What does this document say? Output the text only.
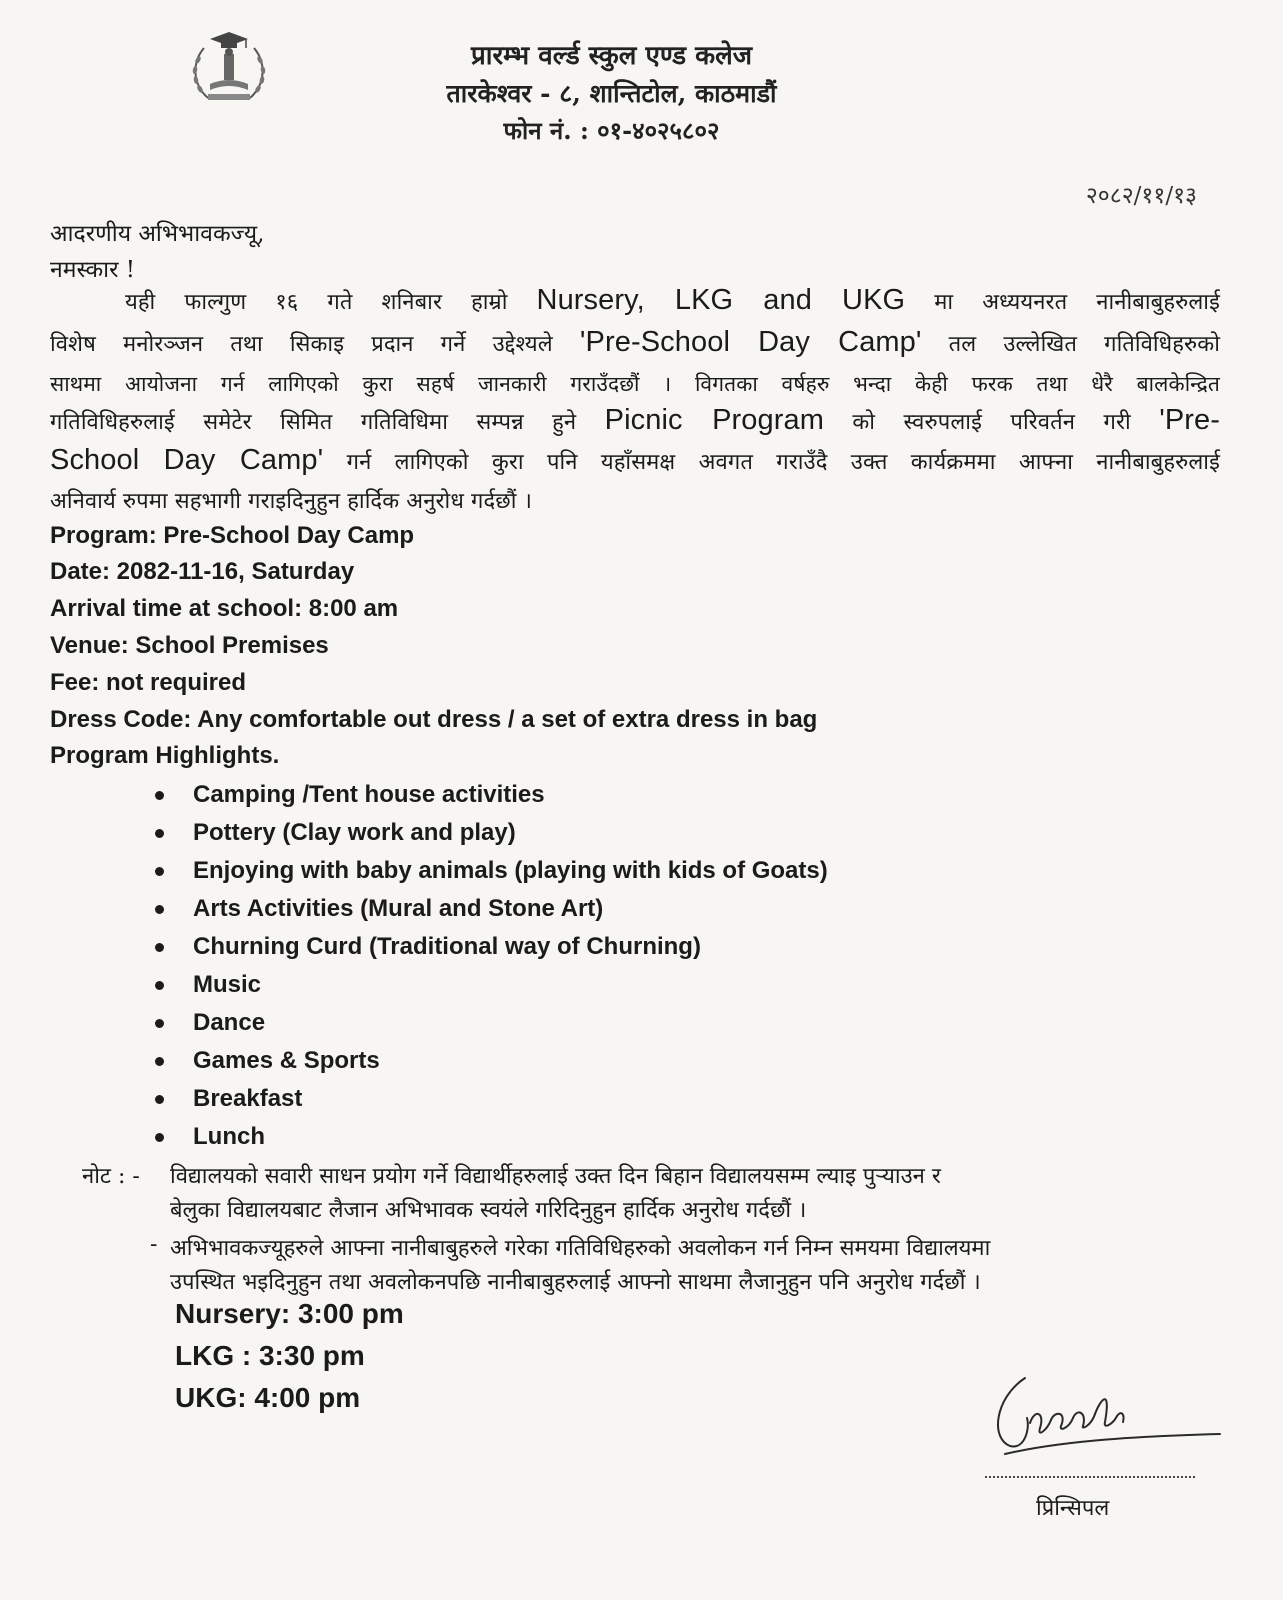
प्रारम्भ वर्ल्ड स्कुल एण्ड कलेज
तारकेश्वर - ८, शान्तिटोल, काठमाडौं
फोन नं. : ०१-४०२५८०२
२०८२/११/१३
आदरणीय अभिभावकज्यू,
नमस्कार !
यही फाल्गुण १६ गते शनिबार हाम्रो Nursery, LKG and UKG मा अध्ययनरत नानीबाबुहरुलाई
विशेष मनोरञ्जन तथा सिकाइ प्रदान गर्ने उद्देश्यले 'Pre-School Day Camp' तल उल्लेखित गतिविधिहरुको
साथमा आयोजना गर्न लागिएको कुरा सहर्ष जानकारी गराउँदछौं । विगतका वर्षहरु भन्दा केही फरक तथा धेरै बालकेन्द्रित
गतिविधिहरुलाई समेटेर सिमित गतिविधिमा सम्पन्न हुने Picnic Program को स्वरुपलाई परिवर्तन गरी 'Pre-
School Day Camp' गर्न लागिएको कुरा पनि यहाँसमक्ष अवगत गराउँदै उक्त कार्यक्रममा आफ्ना नानीबाबुहरुलाई
अनिवार्य रुपमा सहभागी गराइदिनुहुन हार्दिक अनुरोध गर्दछौं ।
Program: Pre-School Day Camp
Date: 2082-11-16, Saturday
Arrival time at school: 8:00 am
Venue: School Premises
Fee: not required
Dress Code: Any comfortable out dress / a set of extra dress in bag
Program Highlights.
Camping /Tent house activities
Pottery (Clay work and play)
Enjoying with baby animals (playing with kids of Goats)
Arts Activities (Mural and Stone Art)
Churning Curd (Traditional way of Churning)
Music
Dance
Games & Sports
Breakfast
Lunch
नोट : - विद्यालयको सवारी साधन प्रयोग गर्ने विद्यार्थीहरुलाई उक्त दिन बिहान विद्यालयसम्म ल्याइ पुर्‍याउन र
बेलुका विद्यालयबाट लैजान अभिभावक स्वयंले गरिदिनुहुन हार्दिक अनुरोध गर्दछौं ।
- अभिभावकज्यूहरुले आफ्ना नानीबाबुहरुले गरेका गतिविधिहरुको अवलोकन गर्न निम्न समयमा विद्यालयमा
उपस्थित भइदिनुहुन तथा अवलोकनपछि नानीबाबुहरुलाई आफ्नो साथमा लैजानुहुन पनि अनुरोध गर्दछौं ।
Nursery: 3:00 pm
LKG : 3:30 pm
UKG: 4:00 pm
प्रिन्सिपल
